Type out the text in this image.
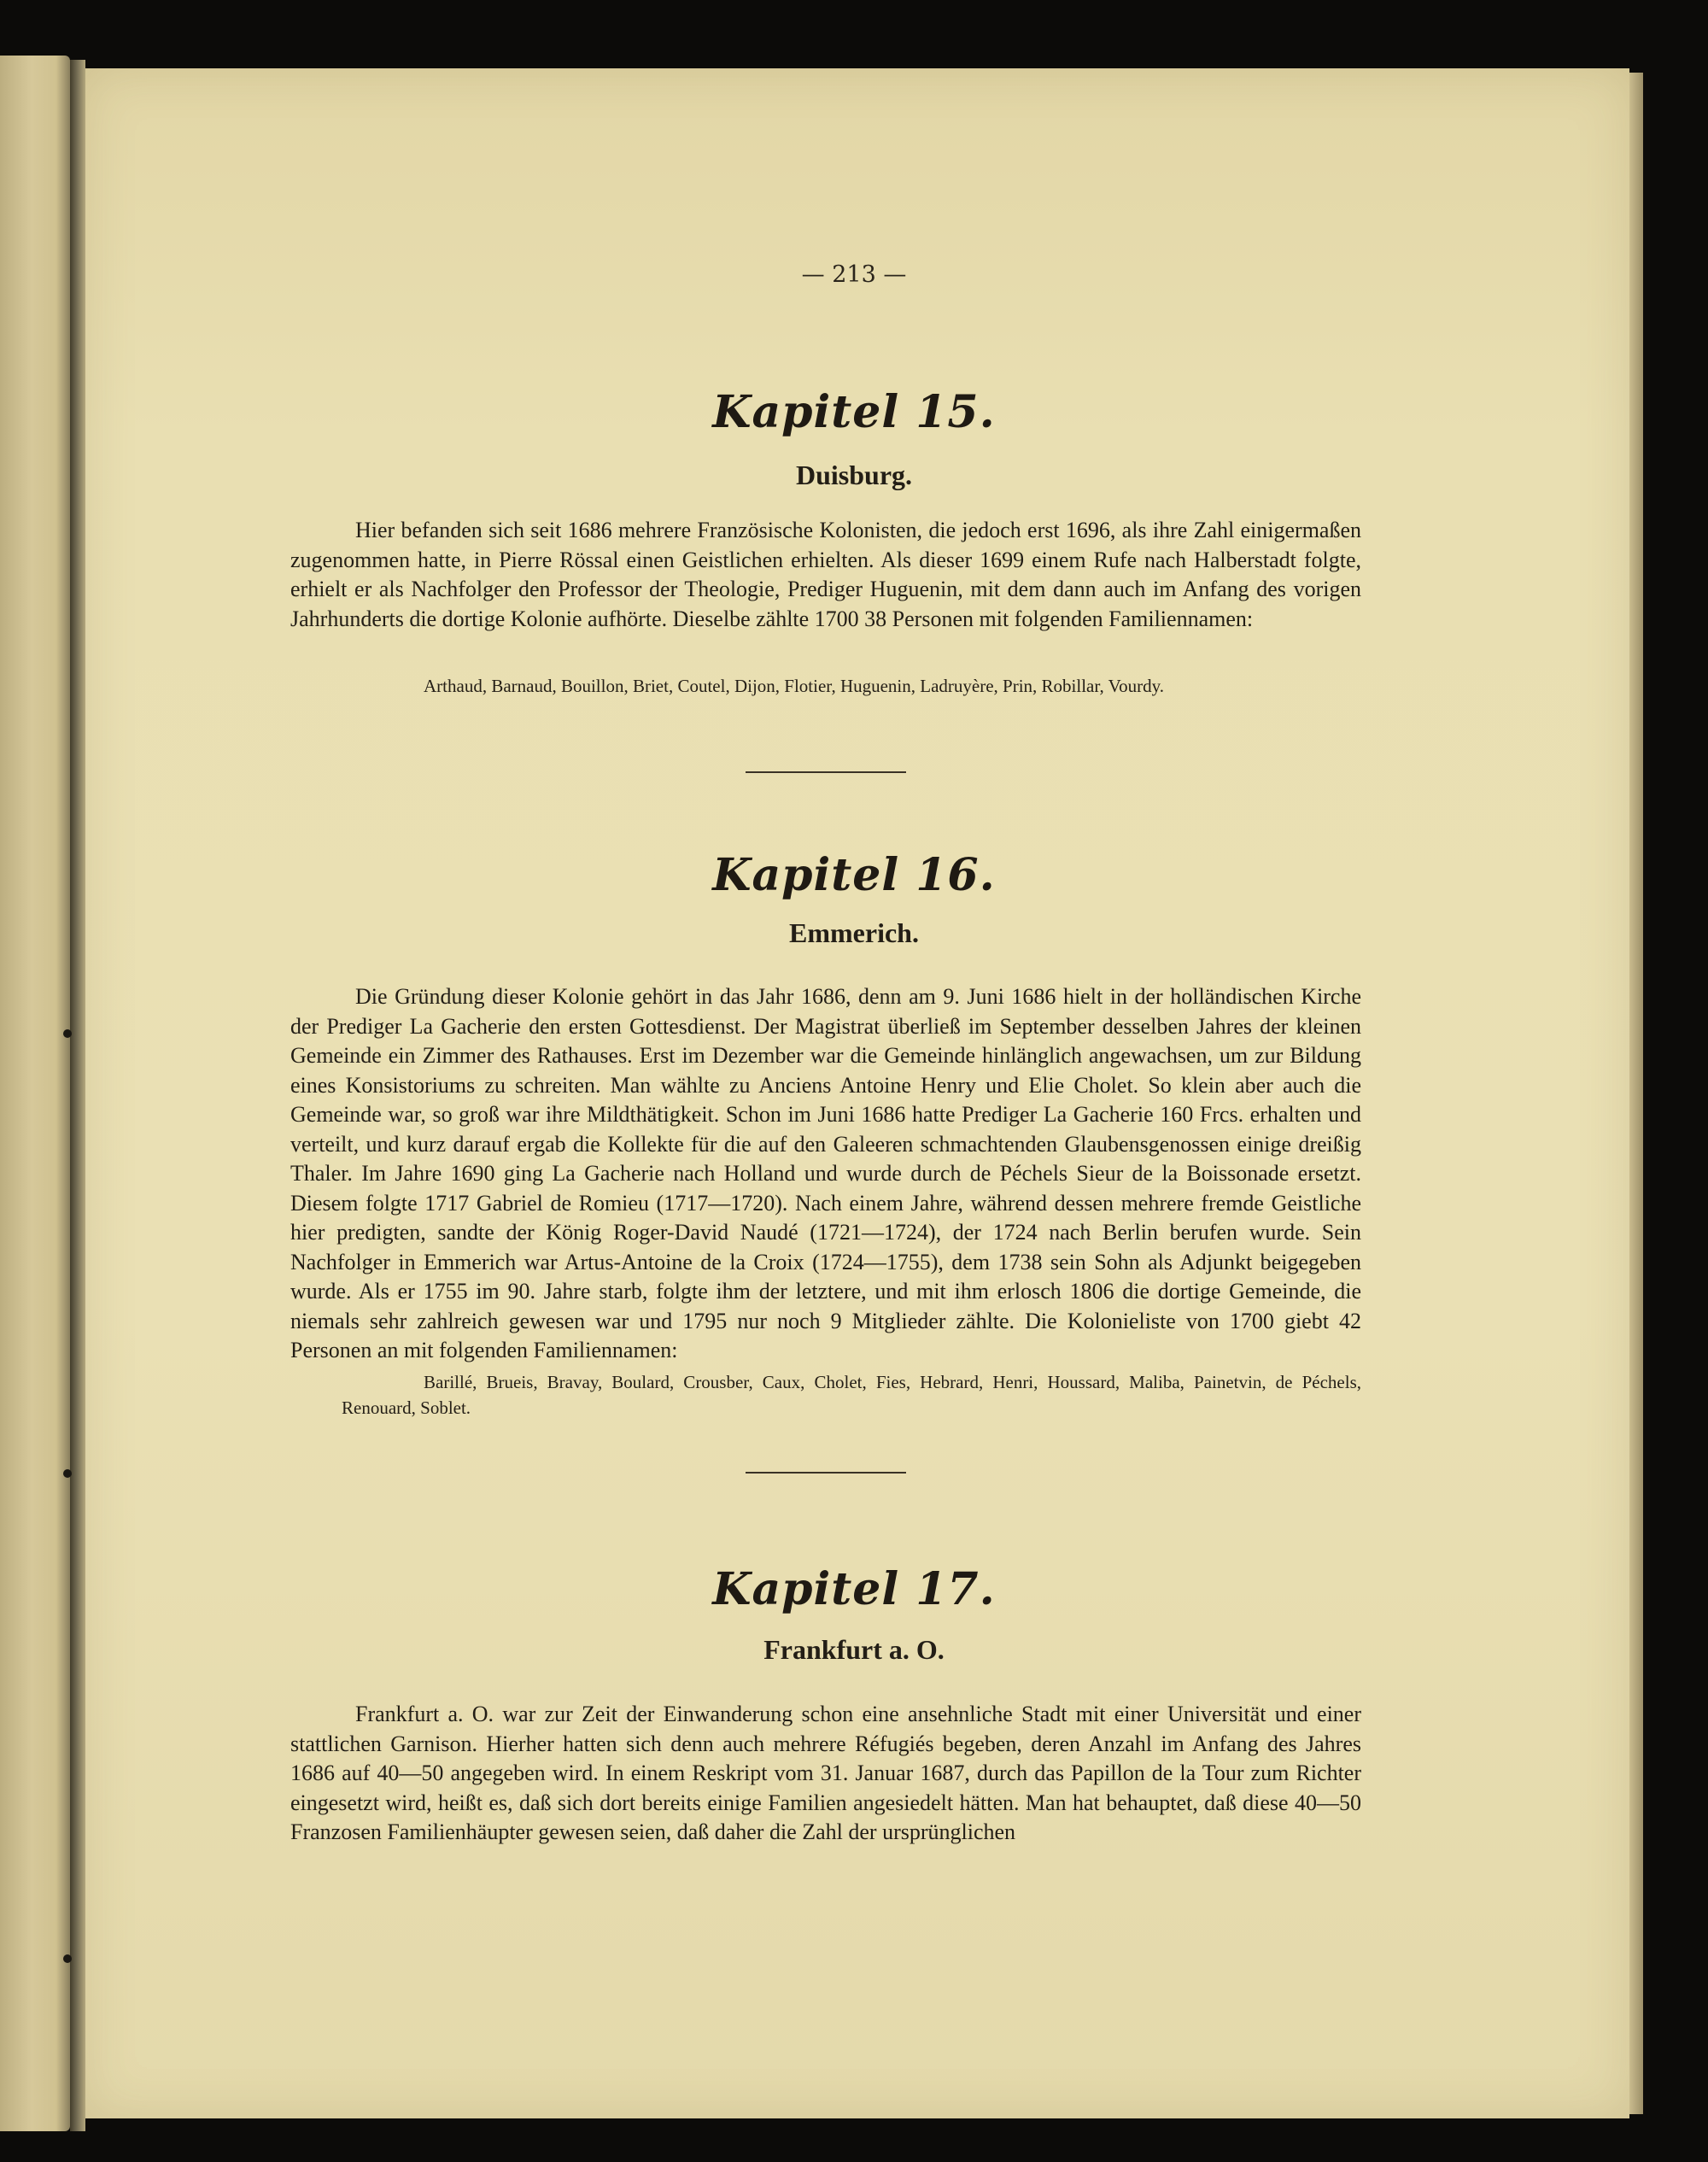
— 213 —
Kapitel 15.
Duisburg.

Hier befanden sich seit 1686 mehrere Französische Kolonisten, die jedoch erst 1696, als ihre Zahl einigermaßen zugenommen hatte, in Pierre Rössal einen Geistlichen erhielten. Als dieser 1699 einem Rufe nach Halberstadt folgte, erhielt er als Nachfolger den Professor der Theologie, Prediger Huguenin, mit dem dann auch im Anfang des vorigen Jahrhunderts die dortige Kolonie aufhörte. Dieselbe zählte 1700 38 Personen mit folgenden Familiennamen:

Arthaud, Barnaud, Bouillon, Briet, Coutel, Dijon, Flotier, Huguenin, Ladruyère, Prin, Robillar, Vourdy.

Kapitel 16.
Emmerich.

Die Gründung dieser Kolonie gehört in das Jahr 1686, denn am 9. Juni 1686 hielt in der holländischen Kirche der Prediger La Gacherie den ersten Gottesdienst. Der Magistrat überließ im September desselben Jahres der kleinen Gemeinde ein Zimmer des Rathauses. Erst im Dezember war die Gemeinde hinlänglich angewachsen, um zur Bildung eines Konsistoriums zu schreiten. Man wählte zu Anciens Antoine Henry und Elie Cholet. So klein aber auch die Gemeinde war, so groß war ihre Mildthätigkeit. Schon im Juni 1686 hatte Prediger La Gacherie 160 Frcs. erhalten und verteilt, und kurz darauf ergab die Kollekte für die auf den Galeeren schmachtenden Glaubensgenossen einige dreißig Thaler. Im Jahre 1690 ging La Gacherie nach Holland und wurde durch de Péchels Sieur de la Boissonade ersetzt. Diesem folgte 1717 Gabriel de Romieu (1717—1720). Nach einem Jahre, während dessen mehrere fremde Geistliche hier predigten, sandte der König Roger-David Naudé (1721—1724), der 1724 nach Berlin berufen wurde. Sein Nachfolger in Emmerich war Artus-Antoine de la Croix (1724—1755), dem 1738 sein Sohn als Adjunkt beigegeben wurde. Als er 1755 im 90. Jahre starb, folgte ihm der letztere, und mit ihm erlosch 1806 die dortige Gemeinde, die niemals sehr zahlreich gewesen war und 1795 nur noch 9 Mitglieder zählte. Die Kolonieliste von 1700 giebt 42 Personen an mit folgenden Familiennamen:

Barillé, Brueis, Bravay, Boulard, Crousber, Caux, Cholet, Fies, Hebrard, Henri, Houssard, Maliba, Painetvin, de Péchels, Renouard, Soblet.

Kapitel 17.
Frankfurt a. O.

Frankfurt a. O. war zur Zeit der Einwanderung schon eine ansehnliche Stadt mit einer Universität und einer stattlichen Garnison. Hierher hatten sich denn auch mehrere Réfugiés begeben, deren Anzahl im Anfang des Jahres 1686 auf 40—50 angegeben wird. In einem Reskript vom 31. Januar 1687, durch das Papillon de la Tour zum Richter eingesetzt wird, heißt es, daß sich dort bereits einige Familien angesiedelt hätten. Man hat behauptet, daß diese 40—50 Franzosen Familienhäupter gewesen seien, daß daher die Zahl der ursprünglichen
